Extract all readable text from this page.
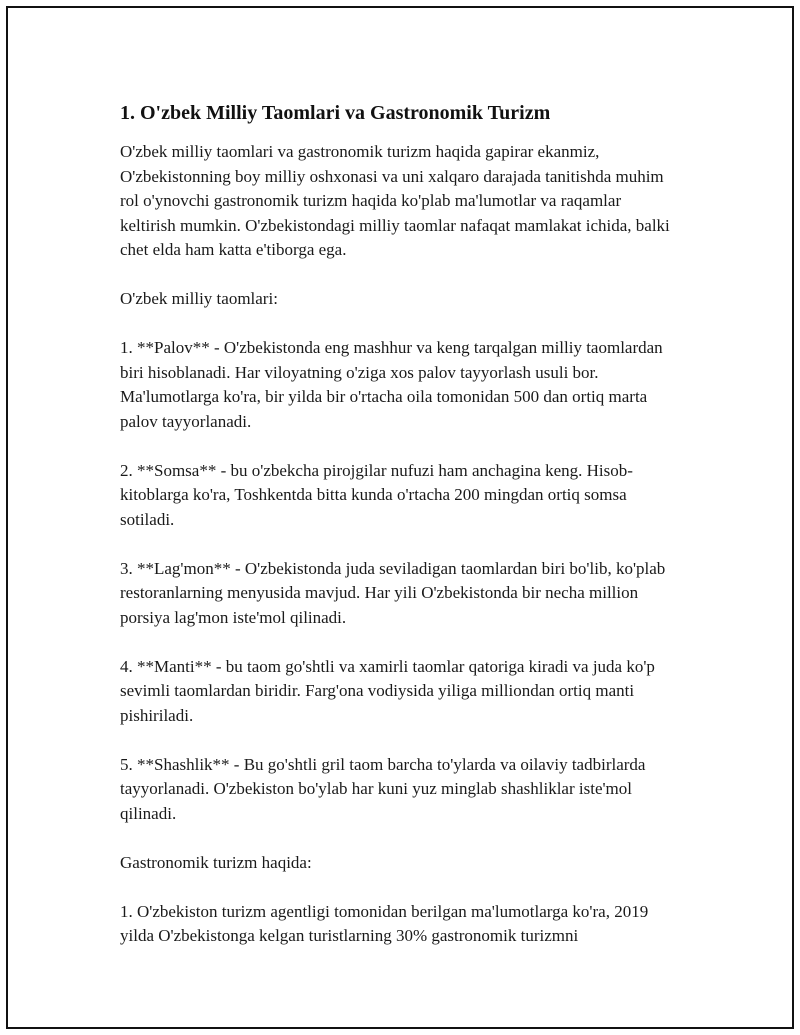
1. O'zbek Milliy Taomlari va Gastronomik Turizm

O'zbek milliy taomlari va gastronomik turizm haqida gapirar ekanmiz, O'zbekistonning boy milliy oshxonasi va uni xalqaro darajada tanitishda muhim rol o'ynovchi gastronomik turizm haqida ko'plab ma'lumotlar va raqamlar keltirish mumkin. O'zbekistondagi milliy taomlar nafaqat mamlakat ichida, balki chet elda ham katta e'tiborga ega.

O'zbek milliy taomlari:

1. **Palov** - O'zbekistonda eng mashhur va keng tarqalgan milliy taomlardan biri hisoblanadi. Har viloyatning o'ziga xos palov tayyorlash usuli bor. Ma'lumotlarga ko'ra, bir yilda bir o'rtacha oila tomonidan 500 dan ortiq marta palov tayyorlanadi.

2. **Somsa** - bu o'zbekcha pirojgilar nufuzi ham anchagina keng. Hisob-kitoblarga ko'ra, Toshkentda bitta kunda o'rtacha 200 mingdan ortiq somsa sotiladi.

3. **Lag'mon** - O'zbekistonda juda seviladigan taomlardan biri bo'lib, ko'plab restoranlarning menyusida mavjud. Har yili O'zbekistonda bir necha million porsiya lag'mon iste'mol qilinadi.

4. **Manti** - bu taom go'shtli va xamirli taomlar qatoriga kiradi va juda ko'p sevimli taomlardan biridir. Farg'ona vodiysida yiliga milliondan ortiq manti pishiriladi.

5. **Shashlik** - Bu go'shtli gril taom barcha to'ylarda va oilaviy tadbirlarda tayyorlanadi. O'zbekiston bo'ylab har kuni yuz minglab shashliklar iste'mol qilinadi.

Gastronomik turizm haqida:

1. O'zbekiston turizm agentligi tomonidan berilgan ma'lumotlarga ko'ra, 2019 yilda O'zbekistonga kelgan turistlarning 30% gastronomik turizmni
